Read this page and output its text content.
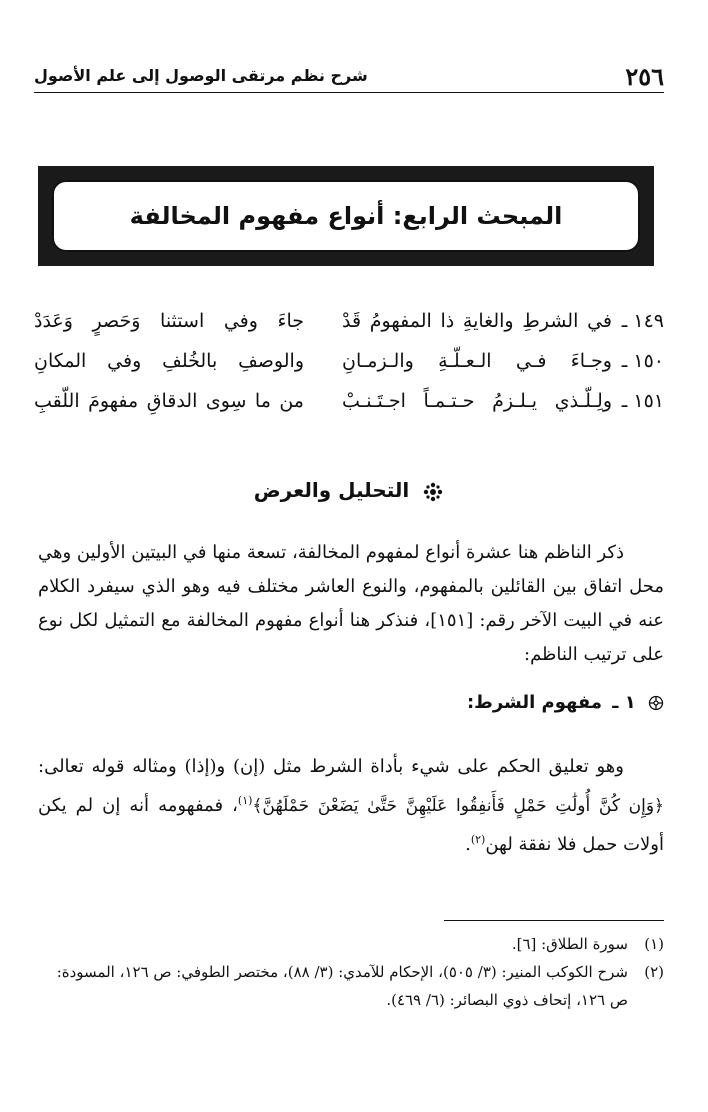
٢٥٦
شرح نظم مرتقى الوصول إلى علم الأصول
المبحث الرابع: أنواع مفهوم المخالفة
١٤٩ ـ
في الشرطِ والغايةِ ذا المفهومُ قَدْ
جاءَ وفي استثنا وَحَصرٍ وَعَدَدْ
١٥٠ ـ
وجـاءَ فـي الـعـلّـةِ والـزمـانِ
والوصفِ بالخُلفِ وفي المكانِ
١٥١ ـ
ولِـلّـذي يـلـزمُ حـتـمـاً اجـتَـنـبْ
من ما سِوى الدقاقِ مفهومَ اللّقبِ
التحليل والعرض

ذكر الناظم هنا عشرة أنواع لمفهوم المخالفة، تسعة منها في البيتين الأولين وهي محل اتفاق بين القائلين بالمفهوم، والنوع العاشر مختلف فيه وهو الذي سيفرد الكلام عنه في البيت الآخر رقم: [١٥١]، فنذكر هنا أنواع مفهوم المخالفة مع التمثيل لكل نوع على ترتيب الناظم:

١ ـ مفهوم الشرط:

وهو تعليق الحكم على شيء بأداة الشرط مثل (إن) و(إذا) ومثاله قوله تعالى: ﴿وَإِن كُنَّ أُولَٰتِ حَمْلٍ فَأَنفِقُوا عَلَيْهِنَّ حَتَّىٰ يَضَعْنَ حَمْلَهُنَّ﴾$^{(١)}$، فمفهومه أنه إن لم يكن أولات حمل فلا نفقة لهن$^{(٢)}$.

(١)
سورة الطلاق: [٦].
(٢)
شرح الكوكب المنير: (٣/ ٥٠٥)، الإحكام للآمدي: (٣/ ٨٨)، مختصر الطوفي: ص ١٢٦، المسودة: ص ١٢٦، إتحاف ذوي البصائر: (٦/ ٤٦٩).
